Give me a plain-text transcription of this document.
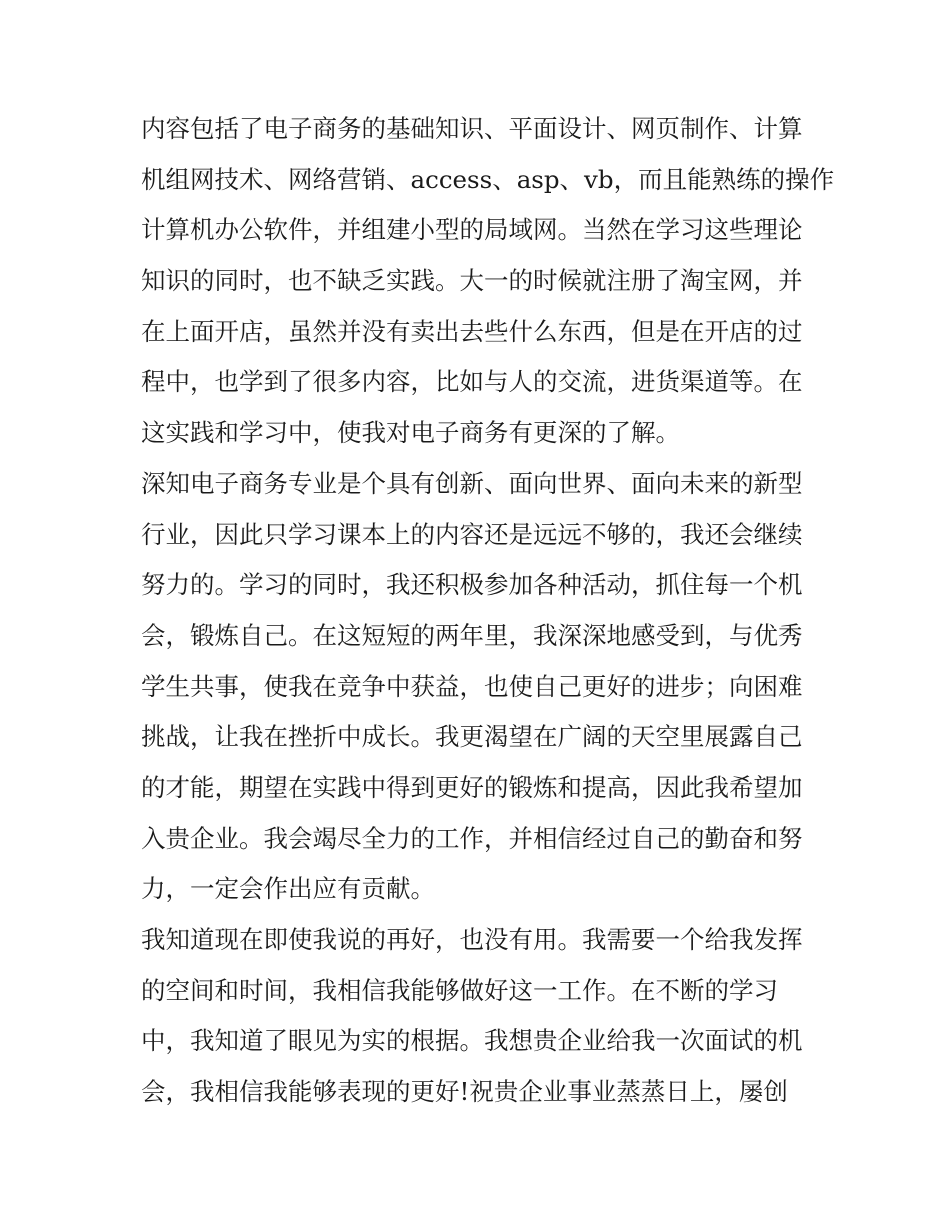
内容包括了电子商务的基础知识、平面设计、网页制作、计算
机组网技术、网络营销、access、asp、vb，而且能熟练的操作
计算机办公软件，并组建小型的局域网。当然在学习这些理论
知识的同时，也不缺乏实践。大一的时候就注册了淘宝网，并
在上面开店，虽然并没有卖出去些什么东西，但是在开店的过
程中，也学到了很多内容，比如与人的交流，进货渠道等。在
这实践和学习中，使我对电子商务有更深的了解。
深知电子商务专业是个具有创新、面向世界、面向未来的新型
行业，因此只学习课本上的内容还是远远不够的，我还会继续
努力的。学习的同时，我还积极参加各种活动，抓住每一个机
会，锻炼自己。在这短短的两年里，我深深地感受到，与优秀
学生共事，使我在竞争中获益，也使自己更好的进步；向困难
挑战，让我在挫折中成长。我更渴望在广阔的天空里展露自己
的才能，期望在实践中得到更好的锻炼和提高，因此我希望加
入贵企业。我会竭尽全力的工作，并相信经过自己的勤奋和努
力，一定会作出应有贡献。
我知道现在即使我说的再好，也没有用。我需要一个给我发挥
的空间和时间，我相信我能够做好这一工作。在不断的学习
中，我知道了眼见为实的根据。我想贵企业给我一次面试的机
会，我相信我能够表现的更好!祝贵企业事业蒸蒸日上，屡创
